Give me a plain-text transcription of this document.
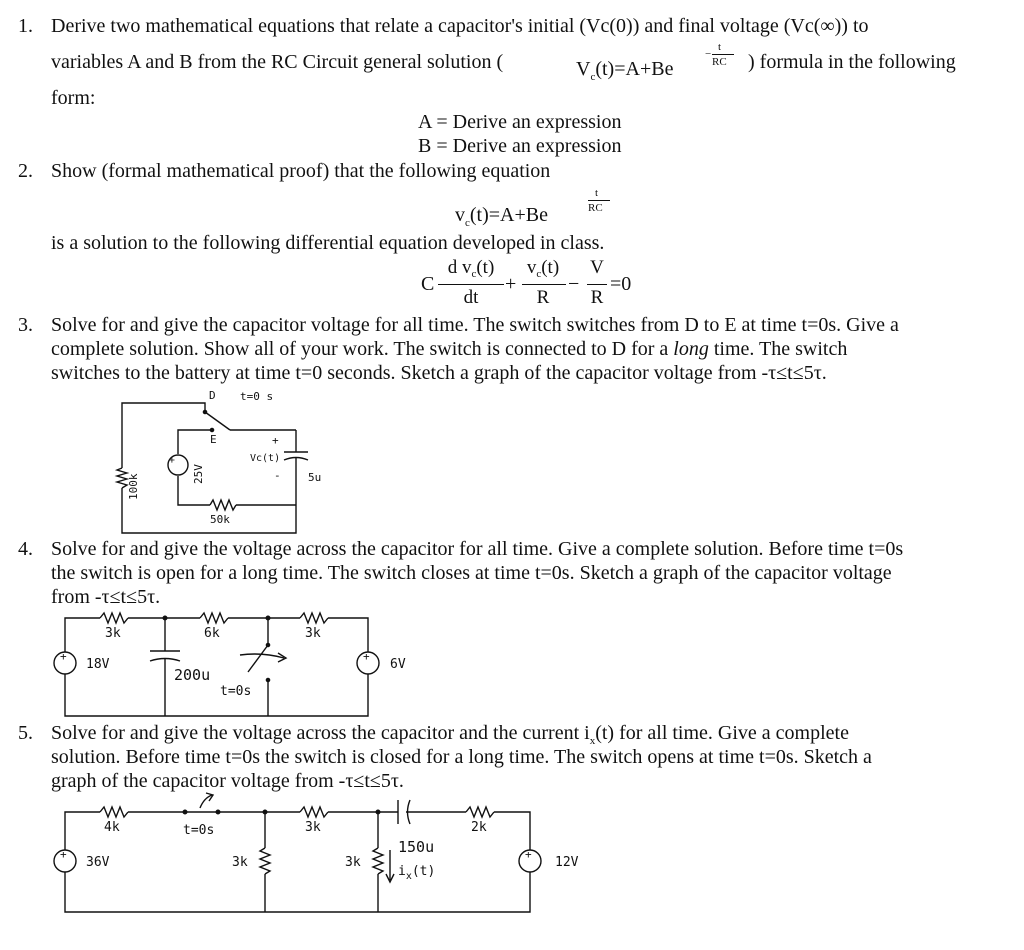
1. Derive two mathematical equations that relate a capacitor's initial (Vc(0)) and final voltage (Vc(∞)) to
variables A and B from the RC Circuit general solution (	$V_c(t)=A+Be$
−
t
RC ) formula in the following
form:
A = Derive an expression
B = Derive an expression
2. Show (formal mathematical proof) that the following equation
$v_c(t)=A+Be$
t
RC
is a solution to the following differential equation developed in class.
C
d $v_c(t)$
dt
+
$v_c(t)$
R
−
V
R
=0
3. Solve for and give the capacitor voltage for all time. The switch switches from D to E at time t=0s. Give a
complete solution. Show all of your work. The switch is connected to D for a long time. The switch
switches to the battery at time t=0 seconds. Sketch a graph of the capacitor voltage from -τ≤t≤5τ.
4. Solve for and give the voltage across the capacitor for all time. Give a complete solution. Before time t=0s
the switch is open for a long time. The switch closes at time t=0s. Sketch a graph of the capacitor voltage
from -τ≤t≤5τ.
5. Solve for and give the voltage across the capacitor and the current $i_x(t)$ for all time. Give a complete
solution. Before time t=0s the switch is closed for a long time. The switch opens at time t=0s. Sketch a
graph of the capacitor voltage from -τ≤t≤5τ.
D t=0 s
E	+
Vc(t)
- 5u
50k
100k	25V
+
3k	6k	3k
18V	6V
200u
t=0s
+	+
4k	t=0s	3k	2k
36V	12V
3k	3k
150u
+	+
$i_x(t)$
